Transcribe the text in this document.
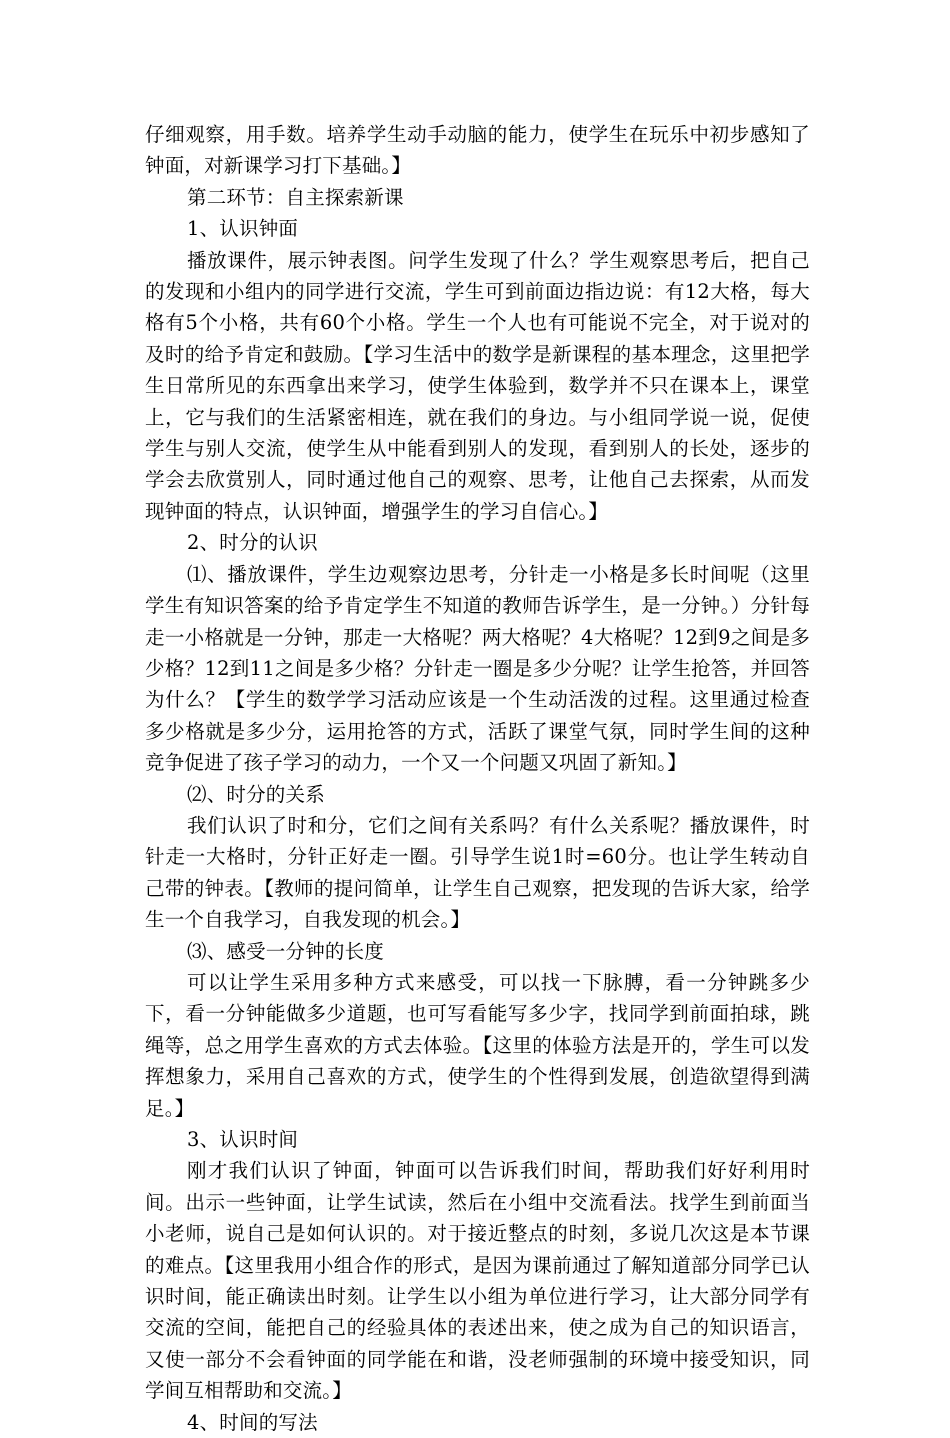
仔细观察，用手数。培养学生动手动脑的能力，使学生在玩乐中初步感知了钟面，对新课学习打下基础。】

第二环节：自主探索新课

1、认识钟面

播放课件，展示钟表图。问学生发现了什么？学生观察思考后，把自己的发现和小组内的同学进行交流，学生可到前面边指边说：有12大格，每大格有5个小格，共有60个小格。学生一个人也有可能说不完全，对于说对的及时的给予肯定和鼓励。【学习生活中的数学是新课程的基本理念，这里把学生日常所见的东西拿出来学习，使学生体验到，数学并不只在课本上，课堂上，它与我们的生活紧密相连，就在我们的身边。与小组同学说一说，促使学生与别人交流，使学生从中能看到别人的发现，看到别人的长处，逐步的学会去欣赏别人，同时通过他自己的观察、思考，让他自己去探索，从而发现钟面的特点，认识钟面，增强学生的学习自信心。】

2、时分的认识

⑴、播放课件，学生边观察边思考，分针走一小格是多长时间呢（这里学生有知识答案的给予肯定学生不知道的教师告诉学生，是一分钟。）分针每走一小格就是一分钟，那走一大格呢？两大格呢？4大格呢？12到9之间是多少格？12到11之间是多少格？分针走一圈是多少分呢？让学生抢答，并回答为什么？【学生的数学学习活动应该是一个生动活泼的过程。这里通过检查多少格就是多少分，运用抢答的方式，活跃了课堂气氛，同时学生间的这种竞争促进了孩子学习的动力，一个又一个问题又巩固了新知。】

⑵、时分的关系

我们认识了时和分，它们之间有关系吗？有什么关系呢？播放课件，时针走一大格时，分针正好走一圈。引导学生说1时=60分。也让学生转动自己带的钟表。【教师的提问简单，让学生自己观察，把发现的告诉大家，给学生一个自我学习，自我发现的机会。】

⑶、感受一分钟的长度

可以让学生采用多种方式来感受，可以找一下脉膊，看一分钟跳多少下，看一分钟能做多少道题，也可写看能写多少字，找同学到前面拍球，跳绳等，总之用学生喜欢的方式去体验。【这里的体验方法是开的，学生可以发挥想象力，采用自己喜欢的方式，使学生的个性得到发展，创造欲望得到满足。】

3、认识时间

刚才我们认识了钟面，钟面可以告诉我们时间，帮助我们好好利用时间。出示一些钟面，让学生试读，然后在小组中交流看法。找学生到前面当小老师，说自己是如何认识的。对于接近整点的时刻，多说几次这是本节课的难点。【这里我用小组合作的形式，是因为课前通过了解知道部分同学已认识时间，能正确读出时刻。让学生以小组为单位进行学习，让大部分同学有交流的空间，能把自己的经验具体的表述出来，使之成为自己的知识语言，又使一部分不会看钟面的同学能在和谐，没老师强制的环境中接受知识，同学间互相帮助和交流。】

4、时间的写法
